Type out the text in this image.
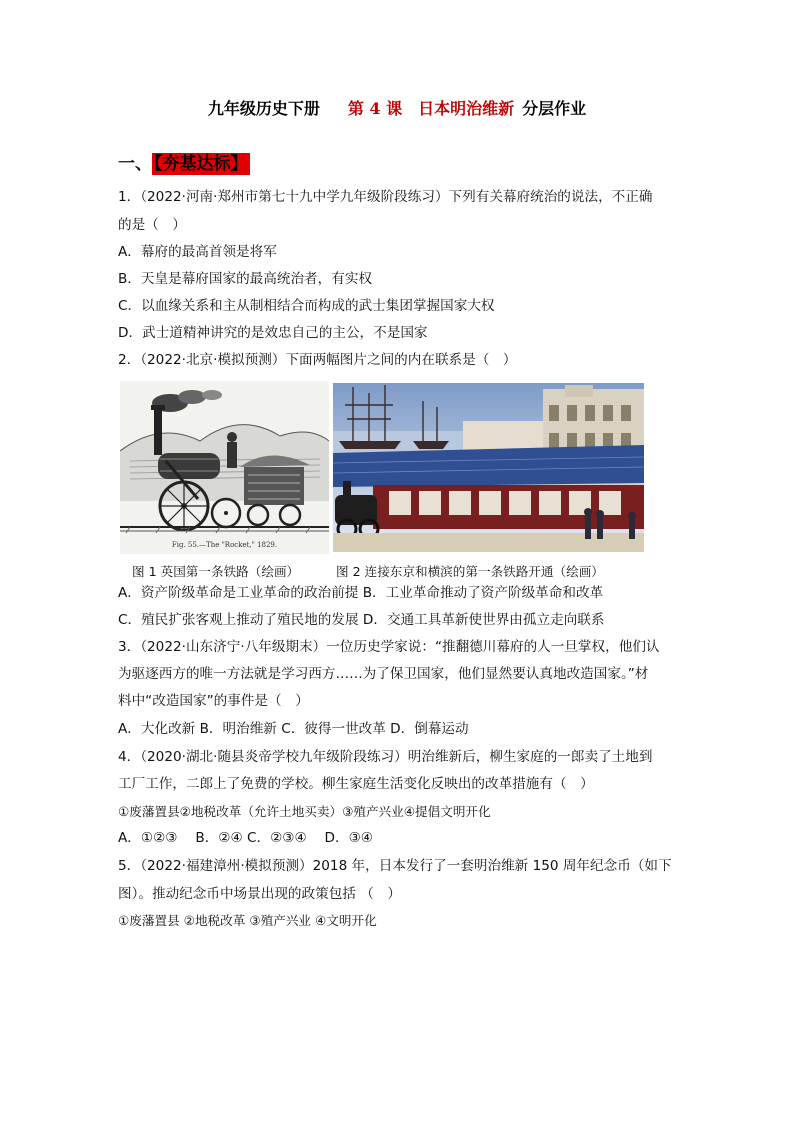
九年级历史下册 第 4 课 日本明治维新 分层作业
一、 【夯基达标】
1．（2022·河南·郑州市第七十九中学九年级阶段练习）下列有关幕府统治的说法，不正确
的是（　）
A．幕府的最高首领是将军
B．天皇是幕府国家的最高统治者，有实权
C．以血缘关系和主从制相结合而构成的武士集团掌握国家大权
D．武士道精神讲究的是效忠自己的主公，不是国家
2．（2022·北京·模拟预测）下面两幅图片之间的内在联系是（　）
Fig. 55.—The "Rocket," 1829.
图 1 英国第一条铁路（绘画）	图 2 连接东京和横滨的第一条铁路开通（绘画）
A．资产阶级革命是工业革命的政治前提 B．工业革命推动了资产阶级革命和改革
C．殖民扩张客观上推动了殖民地的发展 D．交通工具革新使世界由孤立走向联系
3．（2022·山东济宁·八年级期末）一位历史学家说：“推翻德川幕府的人一旦掌权，他们认
为驱逐西方的唯一方法就是学习西方……为了保卫国家，他们显然要认真地改造国家。”材
料中“改造国家”的事件是（　）
A．大化改新 B．明治维新 C．彼得一世改革 D．倒幕运动
4．（2020·湖北·随县炎帝学校九年级阶段练习）明治维新后，柳生家庭的一郎卖了土地到
工厂工作，二郎上了免费的学校。柳生家庭生活变化反映出的改革措施有（　）
①废藩置县②地税改革（允许土地买卖）③殖产兴业④提倡文明开化
A．①②③　 B．②④ C．②③④　 D．③④
5．（2022·福建漳州·模拟预测）2018 年，日本发行了一套明治维新 150 周年纪念币（如下
图）。推动纪念币中场景出现的政策包括 （　）
①废藩置县 ②地税改革 ③殖产兴业 ④文明开化
